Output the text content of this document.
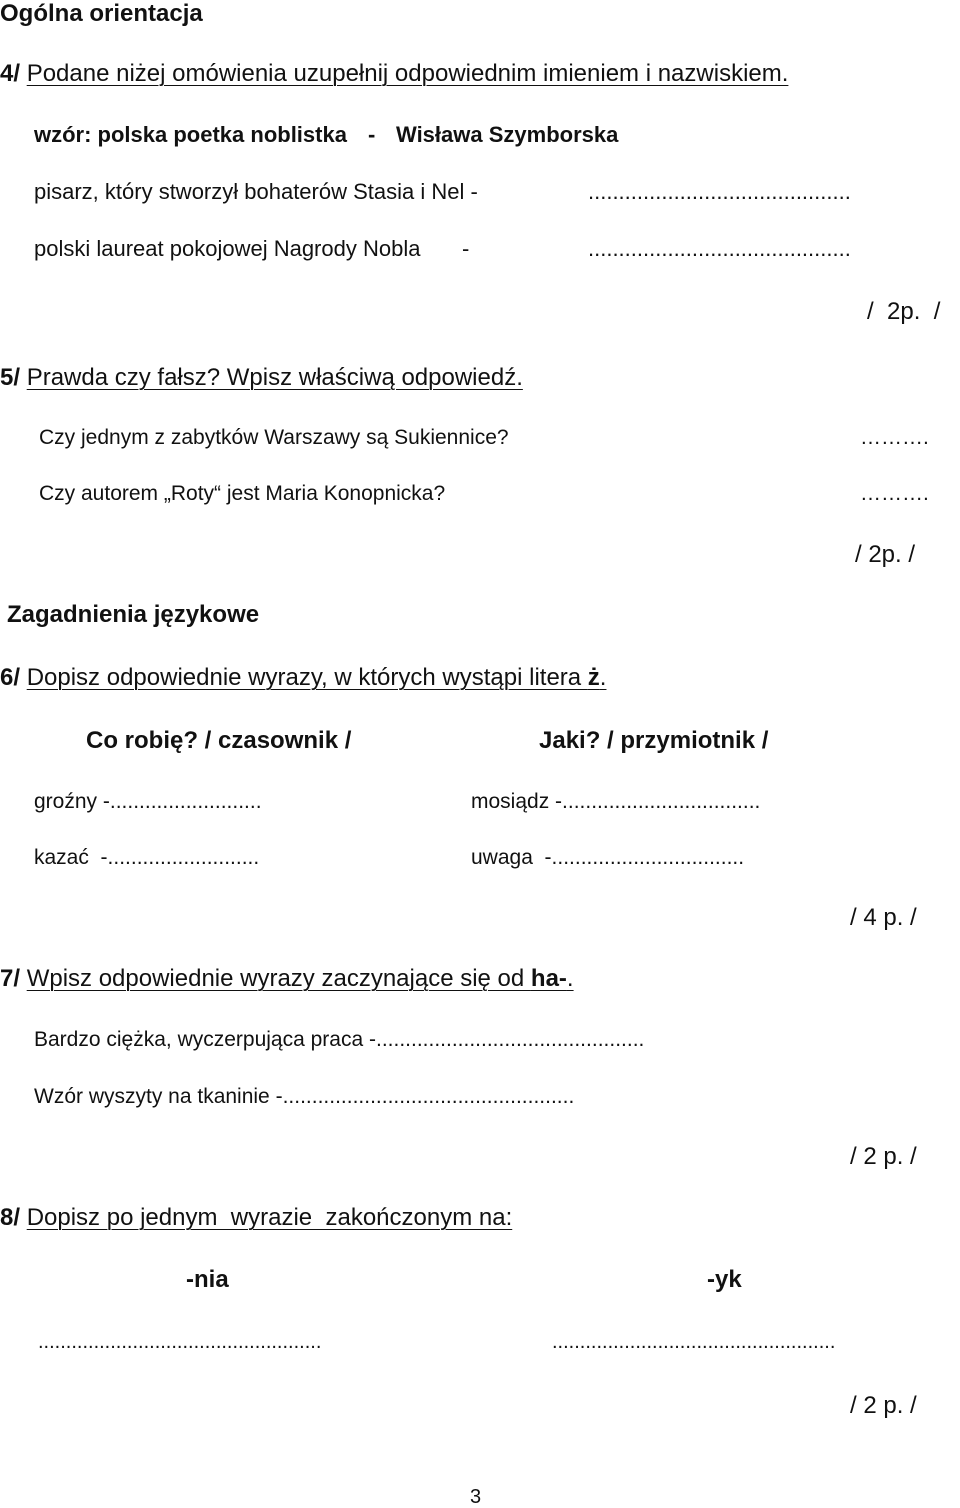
Ogólna orientacja
4/ Podane niżej omówienia uzupełnij odpowiednim imieniem i nazwiskiem.
wzór: polska poetka noblistka - Wisława Szymborska
pisarz, który stworzył bohaterów Stasia i Nel -	...........................................
polski laureat pokojowej Nagrody Nobla -	...........................................
/  2p.  /
5/ Prawda czy fałsz? Wpisz właściwą odpowiedź.
Czy jednym z zabytków Warszawy są Sukiennice?	……….
Czy autorem „Roty“ jest Maria Konopnicka?	……….
/ 2p. /
Zagadnienia językowe
6/ Dopisz odpowiednie wyrazy, w których wystąpi litera ż.
Co robię? / czasownik /	Jaki? / przymiotnik /
groźny -..........................	mosiądz -..................................
kazać  -..........................	uwaga  -.................................
/ 4 p. /
7/ Wpisz odpowiednie wyrazy zaczynające się od ha-.
Bardzo ciężka, wyczerpująca praca -..............................................
Wzór wyszyty na tkaninie -..................................................
/ 2 p. /
8/ Dopisz po jednym  wyrazie  zakończonym na:
-nia	-yk
...................................................	...................................................
/ 2 p. /
3
